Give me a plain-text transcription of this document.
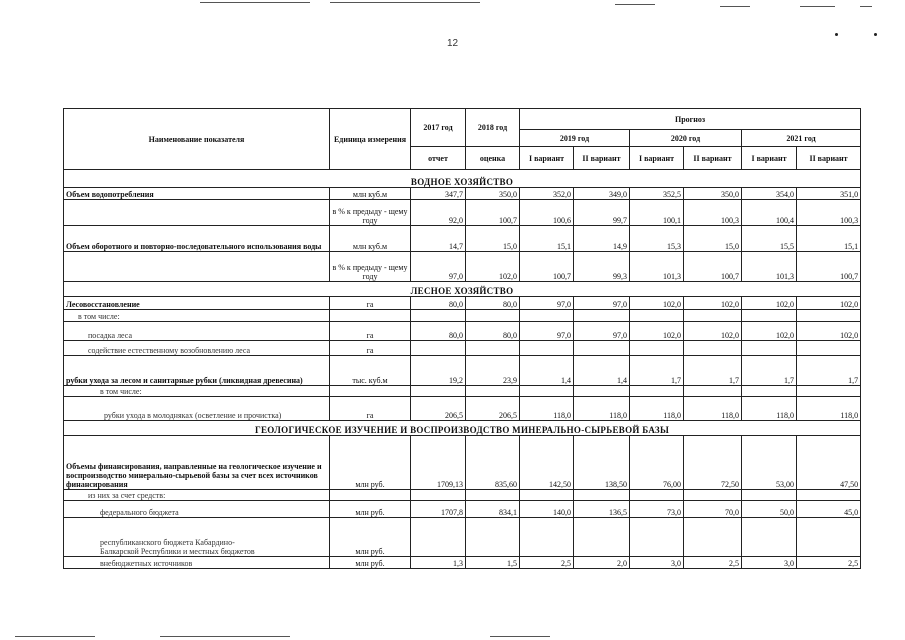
12
Наименование показателя	Единица измерения	2017 год	2018 год	Прогноз					
				2019 год		2020 год		2021 год	
		отчет	оценка	I вариант	II вариант	I вариант	II вариант	I вариант	II вариант
ВОДНОЕ ХОЗЯЙСТВО									
Объем водопотребления	млн куб.м	347,7	350,0	352,0	349,0	352,5	350,0	354,0	351,0
	в % к предыду - щему году	92,0	100,7	100,6	99,7	100,1	100,3	100,4	100,3
Объем оборотного и повторно-последовательного использования воды	млн куб.м	14,7	15,0	15,1	14,9	15,3	15,0	15,5	15,1
	в % к предыду - щему году	97,0	102,0	100,7	99,3	101,3	100,7	101,3	100,7
ЛЕСНОЕ ХОЗЯЙСТВО									
Лесовосстановление	га	80,0	80,0	97,0	97,0	102,0	102,0	102,0	102,0
в том числе:									
посадка леса	га	80,0	80,0	97,0	97,0	102,0	102,0	102,0	102,0
содействие естественному возобновлению леса	га								
рубки ухода за лесом и санитарные рубки (ликвидная древесина)	тыс. куб.м	19,2	23,9	1,4	1,4	1,7	1,7	1,7	1,7
в том числе:									
рубки ухода в молодняках (осветление и прочистка)	га	206,5	206,5	118,0	118,0	118,0	118,0	118,0	118,0
ГЕОЛОГИЧЕСКОЕ ИЗУЧЕНИЕ И ВОСПРОИЗВОДСТВО МИНЕРАЛЬНО-СЫРЬЕВОЙ БАЗЫ									
Объемы финансирования, направленные на геологическое изучение и воспроизводство минерально-сырьевой базы за счет всех источников финансирования	млн руб.	1709,13	835,60	142,50	138,50	76,00	72,50	53,00	47,50
из них за счет средств:									
федерального бюджета	млн руб.	1707,8	834,1	140,0	136,5	73,0	70,0	50,0	45,0
республиканского бюджета Кабардино-Балкарской Республики и местных бюджетов	млн руб.								
внебюджетных источников	млн руб.	1,3	1,5	2,5	2,0	3,0	2,5	3,0	2,5
